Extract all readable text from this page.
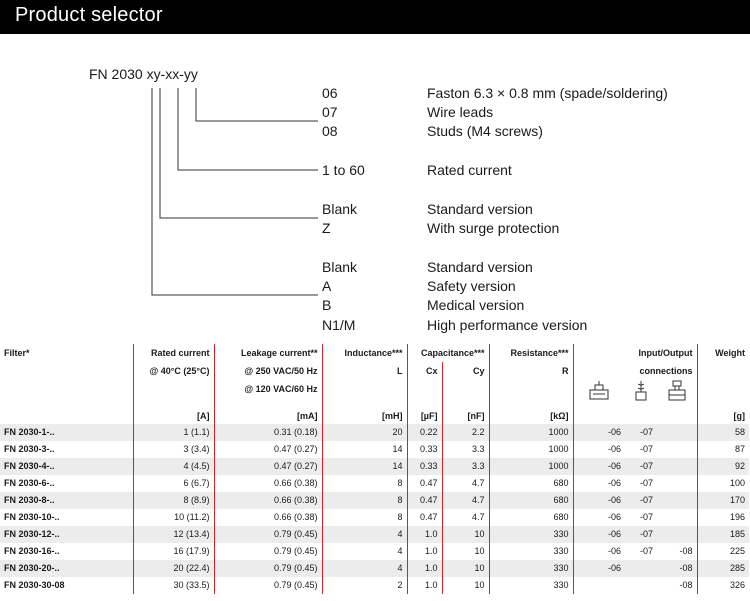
Product selector
FN 2030 xy-xx-yy
06	Faston 6.3 × 0.8 mm (spade/soldering)
07	Wire leads
08	Studs (M4 screws)
1 to 60	Rated current
Blank	Standard version
Z	With surge protection
Blank	Standard version
A	Safety version
B	Medical version
N1/M	High performance version
Filter*	Rated current	Leakage current**	Inductance***	Capacitance***		Resistance***	Input/Output			Weight
	@ 40°C (25°C)	@ 250 VAC/50 Hz	L	Cx	Cy	R	connections			
		@ 120 VAC/60 Hz								
	[A]	[mA]	[mH]	[µF]	[nF]	[kΩ]				[g]
FN 2030-1-..	1 (1.1)	0.31 (0.18)	20	0.22	2.2	1000	-06	-07		58
FN 2030-3-..	3 (3.4)	0.47 (0.27)	14	0.33	3.3	1000	-06	-07		87
FN 2030-4-..	4 (4.5)	0.47 (0.27)	14	0.33	3.3	1000	-06	-07		92
FN 2030-6-..	6 (6.7)	0.66 (0.38)	8	0.47	4.7	680	-06	-07		100
FN 2030-8-..	8 (8.9)	0.66 (0.38)	8	0.47	4.7	680	-06	-07		170
FN 2030-10-..	10 (11.2)	0.66 (0.38)	8	0.47	4.7	680	-06	-07		196
FN 2030-12-..	12 (13.4)	0.79 (0.45)	4	1.0	10	330	-06	-07		185
FN 2030-16-..	16 (17.9)	0.79 (0.45)	4	1.0	10	330	-06	-07	-08	225
FN 2030-20-..	20 (22.4)	0.79 (0.45)	4	1.0	10	330	-06		-08	285
FN 2030-30-08	30 (33.5)	0.79 (0.45)	2	1.0	10	330			-08	326
